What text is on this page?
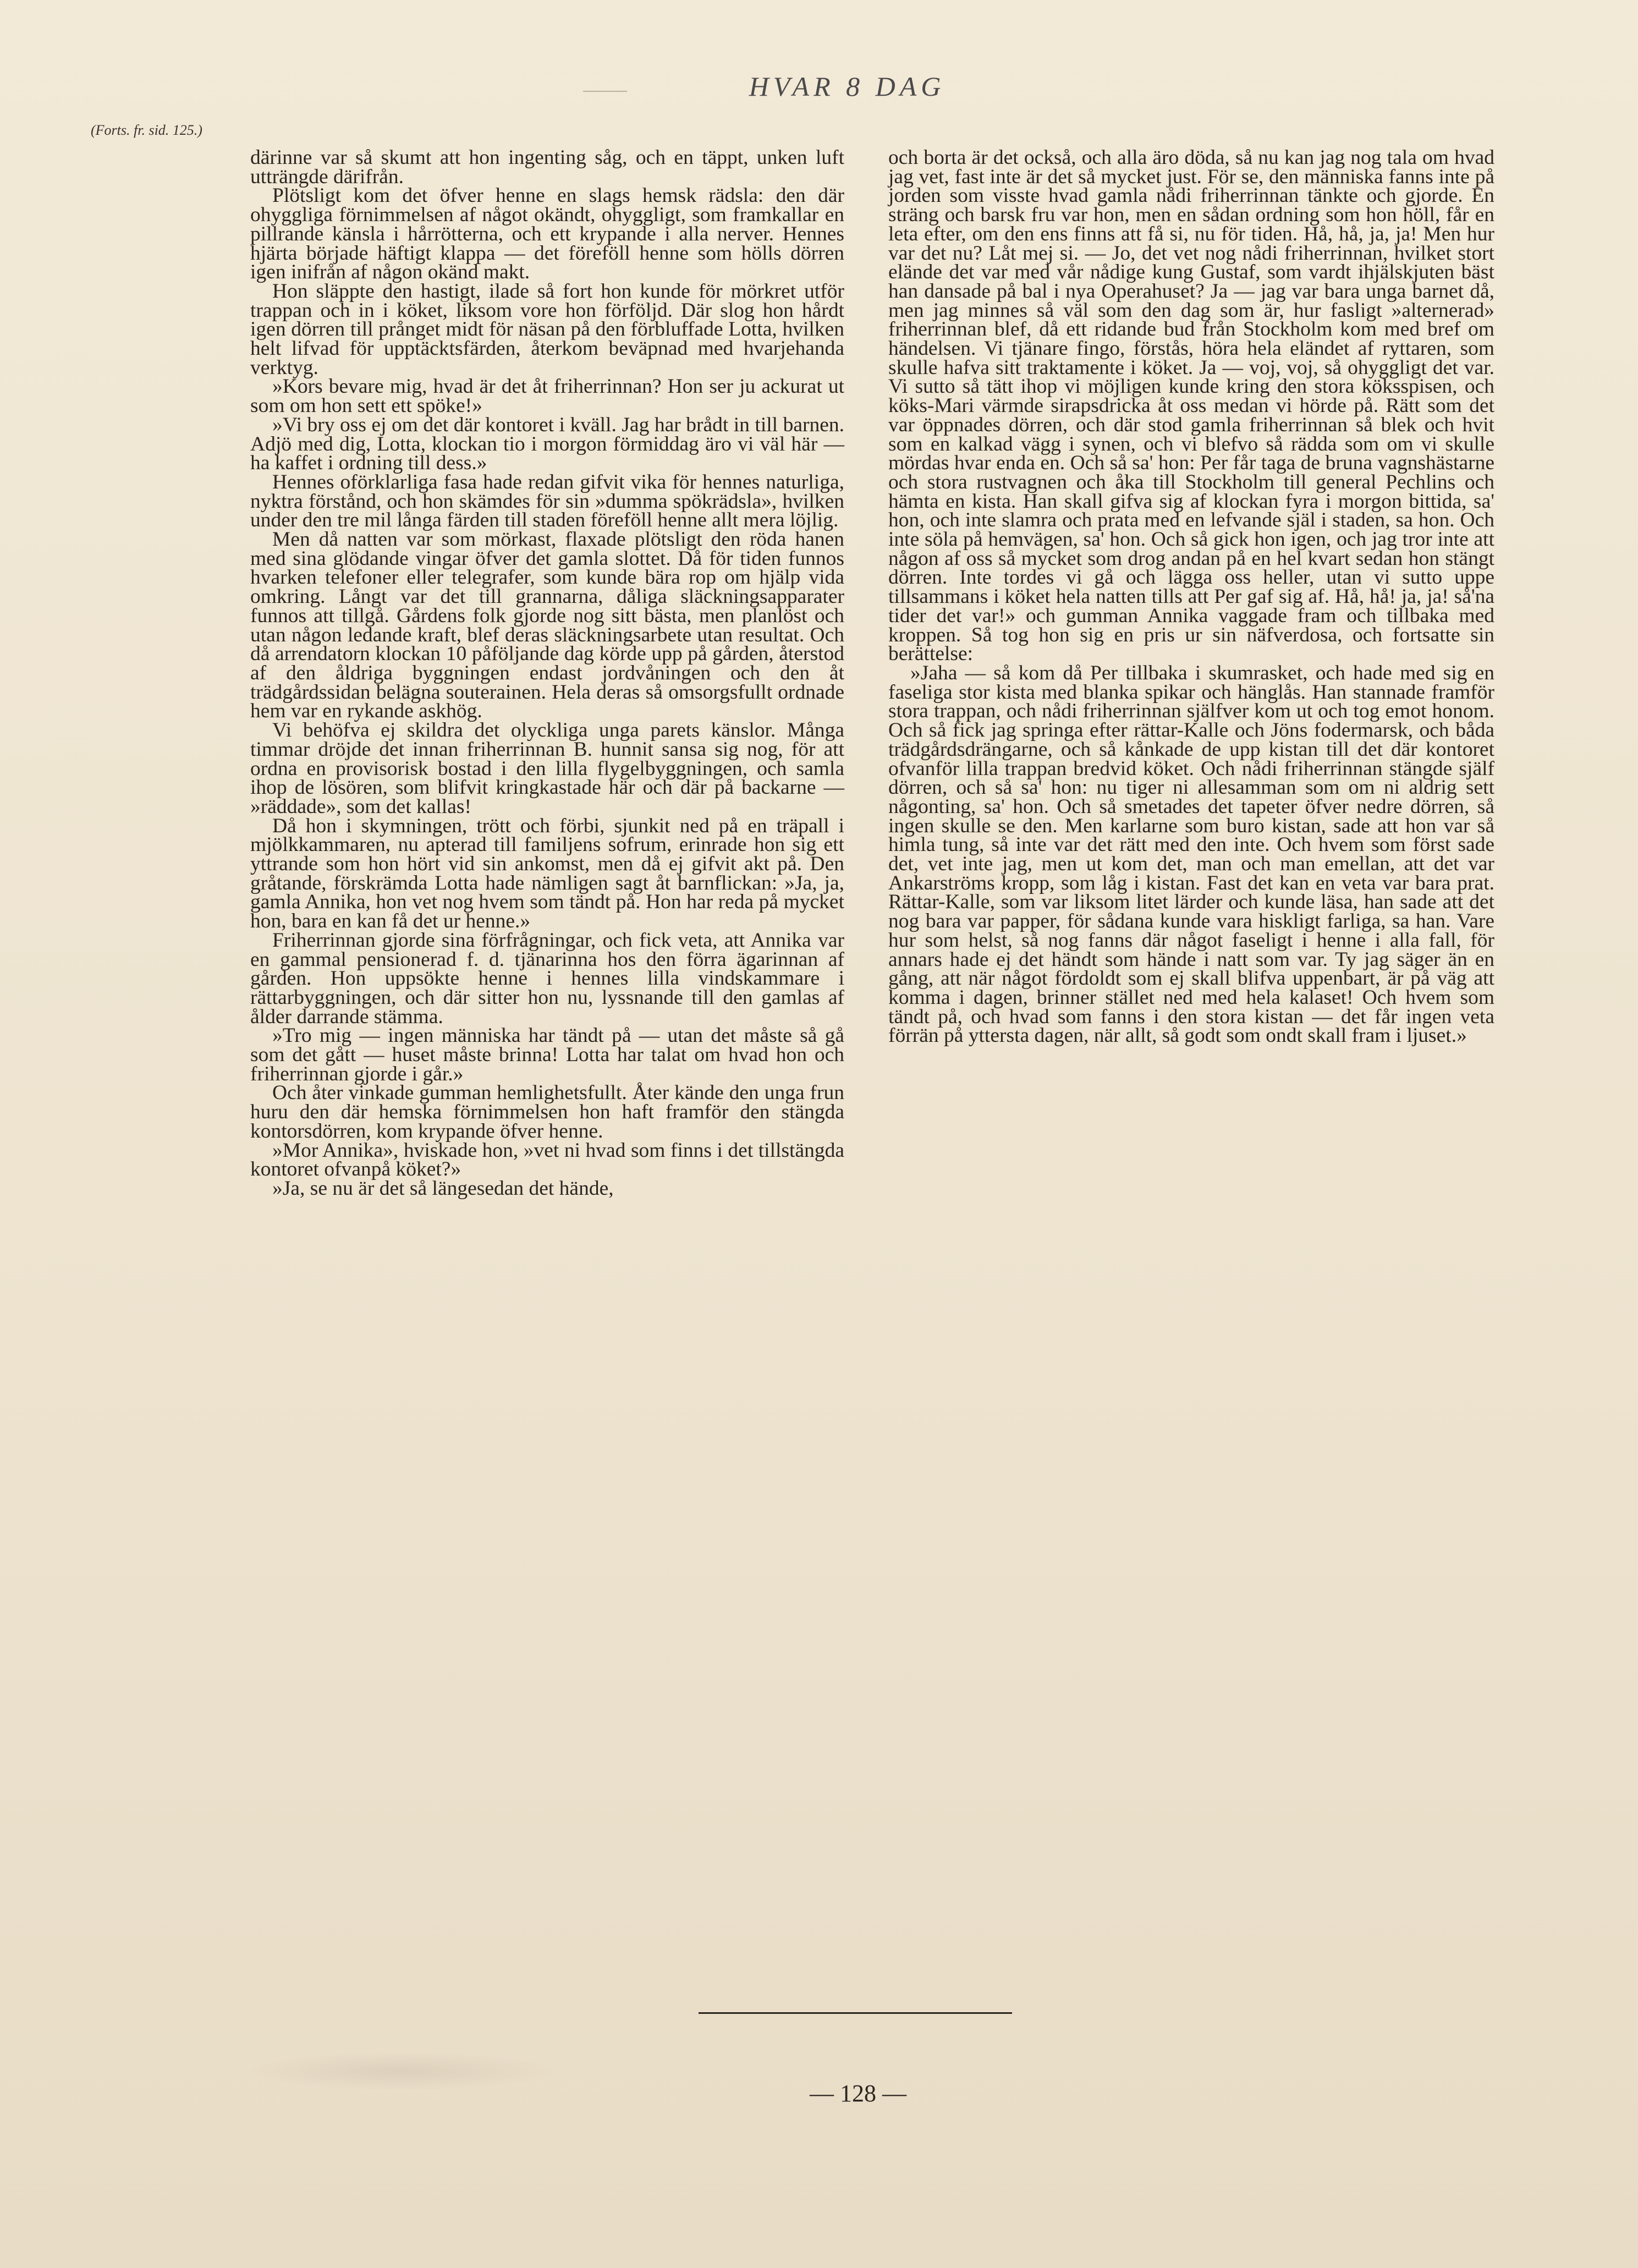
HVAR 8 DAG
(Forts. fr. sid. 125.)

därinne var så skumt att hon ingenting såg, och en täppt, unken luft utträngde därifrån.

Plötsligt kom det öfver henne en slags hemsk rädsla: den där ohyggliga förnimmelsen af något okändt, ohyggligt, som framkallar en pillrande känsla i hårrötterna, och ett krypande i alla nerver. Hennes hjärta började häftigt klappa — det föreföll henne som hölls dörren igen inifrån af någon okänd makt.

Hon släppte den hastigt, ilade så fort hon kunde för mörkret utför trappan och in i köket, liksom vore hon förföljd. Där slog hon hårdt igen dörren till prånget midt för näsan på den förbluffade Lotta, hvilken helt lifvad för upptäcktsfärden, återkom beväpnad med hvarjehanda verktyg.

»Kors bevare mig, hvad är det åt friherrinnan? Hon ser ju ackurat ut som om hon sett ett spöke!»

»Vi bry oss ej om det där kontoret i kväll. Jag har brådt in till barnen. Adjö med dig, Lotta, klockan tio i morgon förmiddag äro vi väl här — ha kaffet i ordning till dess.»

Hennes oförklarliga fasa hade redan gifvit vika för hennes naturliga, nyktra förstånd, och hon skämdes för sin »dumma spökrädsla», hvilken under den tre mil långa färden till staden föreföll henne allt mera löjlig.

Men då natten var som mörkast, flaxade plötsligt den röda hanen med sina glödande vingar öfver det gamla slottet. Då för tiden funnos hvarken telefoner eller telegrafer, som kunde bära rop om hjälp vida omkring. Långt var det till grannarna, dåliga släckningsapparater funnos att tillgå. Gårdens folk gjorde nog sitt bästa, men planlöst och utan någon ledande kraft, blef deras släckningsarbete utan resultat. Och då arrendatorn klockan 10 påföljande dag körde upp på gården, återstod af den åldriga byggningen endast jordvåningen och den åt trädgårdssidan belägna souterainen. Hela deras så omsorgsfullt ordnade hem var en rykande askhög.

Vi behöfva ej skildra det olyckliga unga parets känslor. Många timmar dröjde det innan friherrinnan B. hunnit sansa sig nog, för att ordna en provisorisk bostad i den lilla flygelbyggningen, och samla ihop de lösören, som blifvit kringkastade här och där på backarne — »räddade», som det kallas!

Då hon i skymningen, trött och förbi, sjunkit ned på en träpall i mjölkkammaren, nu apterad till familjens sofrum, erinrade hon sig ett yttrande som hon hört vid sin ankomst, men då ej gifvit akt på. Den gråtande, förskrämda Lotta hade nämligen sagt åt barnflickan: »Ja, ja, gamla Annika, hon vet nog hvem som tändt på. Hon har reda på mycket hon, bara en kan få det ur henne.»

Friherrinnan gjorde sina förfrågningar, och fick veta, att Annika var en gammal pensionerad f. d. tjänarinna hos den förra ägarinnan af gården. Hon uppsökte henne i hennes lilla vindskammare i rättarbyggningen, och där sitter hon nu, lyssnande till den gamlas af ålder darrande stämma.

»Tro mig — ingen människa har tändt på — utan det måste så gå som det gått — huset måste brinna! Lotta har talat om hvad hon och friherrinnan gjorde i går.»

Och åter vinkade gumman hemlighetsfullt. Åter kände den unga frun huru den där hemska förnimmelsen hon haft framför den stängda kontorsdörren, kom krypande öfver henne.

»Mor Annika», hviskade hon, »vet ni hvad som finns i det tillstängda kontoret ofvanpå köket?»

»Ja, se nu är det så längesedan det hände,

och borta är det också, och alla äro döda, så nu kan jag nog tala om hvad jag vet, fast inte är det så mycket just. För se, den människa fanns inte på jorden som visste hvad gamla nådi friherrinnan tänkte och gjorde. En sträng och barsk fru var hon, men en sådan ordning som hon höll, får en leta efter, om den ens finns att få si, nu för tiden. Hå, hå, ja, ja! Men hur var det nu? Låt mej si. — Jo, det vet nog nådi friherrinnan, hvilket stort elände det var med vår nådige kung Gustaf, som vardt ihjälskjuten bäst han dansade på bal i nya Operahuset? Ja — jag var bara unga barnet då, men jag minnes så väl som den dag som är, hur fasligt »alternerad» friherrinnan blef, då ett ridande bud från Stockholm kom med bref om händelsen. Vi tjänare fingo, förstås, höra hela eländet af ryttaren, som skulle hafva sitt traktamente i köket. Ja — voj, voj, så ohyggligt det var. Vi sutto så tätt ihop vi möjligen kunde kring den stora köksspisen, och köks-Mari värmde sirapsdricka åt oss medan vi hörde på. Rätt som det var öppnades dörren, och där stod gamla friherrinnan så blek och hvit som en kalkad vägg i synen, och vi blefvo så rädda som om vi skulle mördas hvar enda en. Och så sa' hon: Per får taga de bruna vagnshästarne och stora rustvagnen och åka till Stockholm till general Pechlins och hämta en kista. Han skall gifva sig af klockan fyra i morgon bittida, sa' hon, och inte slamra och prata med en lefvande själ i staden, sa hon. Och inte söla på hemvägen, sa' hon. Och så gick hon igen, och jag tror inte att någon af oss så mycket som drog andan på en hel kvart sedan hon stängt dörren. Inte tordes vi gå och lägga oss heller, utan vi sutto uppe tillsammans i köket hela natten tills att Per gaf sig af. Hå, hå! ja, ja! så'na tider det var!» och gumman Annika vaggade fram och tillbaka med kroppen. Så tog hon sig en pris ur sin näfverdosa, och fortsatte sin berättelse:

»Jaha — så kom då Per tillbaka i skumrasket, och hade med sig en faseliga stor kista med blanka spikar och hänglås. Han stannade framför stora trappan, och nådi friherrinnan själfver kom ut och tog emot honom. Och så fick jag springa efter rättar-Kalle och Jöns fodermarsk, och båda trädgårdsdrängarne, och så kånkade de upp kistan till det där kontoret ofvanför lilla trappan bredvid köket. Och nådi friherrinnan stängde själf dörren, och så sa' hon: nu tiger ni allesamman som om ni aldrig sett någonting, sa' hon. Och så smetades det tapeter öfver nedre dörren, så ingen skulle se den. Men karlarne som buro kistan, sade att hon var så himla tung, så inte var det rätt med den inte. Och hvem som först sade det, vet inte jag, men ut kom det, man och man emellan, att det var Ankarströms kropp, som låg i kistan. Fast det kan en veta var bara prat. Rättar-Kalle, som var liksom litet lärder och kunde läsa, han sade att det nog bara var papper, för sådana kunde vara hiskligt farliga, sa han. Vare hur som helst, så nog fanns där något faseligt i henne i alla fall, för annars hade ej det händt som hände i natt som var. Ty jag säger än en gång, att när något fördoldt som ej skall blifva uppenbart, är på väg att komma i dagen, brinner stället ned med hela kalaset! Och hvem som tändt på, och hvad som fanns i den stora kistan — det får ingen veta förrän på yttersta dagen, när allt, så godt som ondt skall fram i ljuset.»

— 128 —
